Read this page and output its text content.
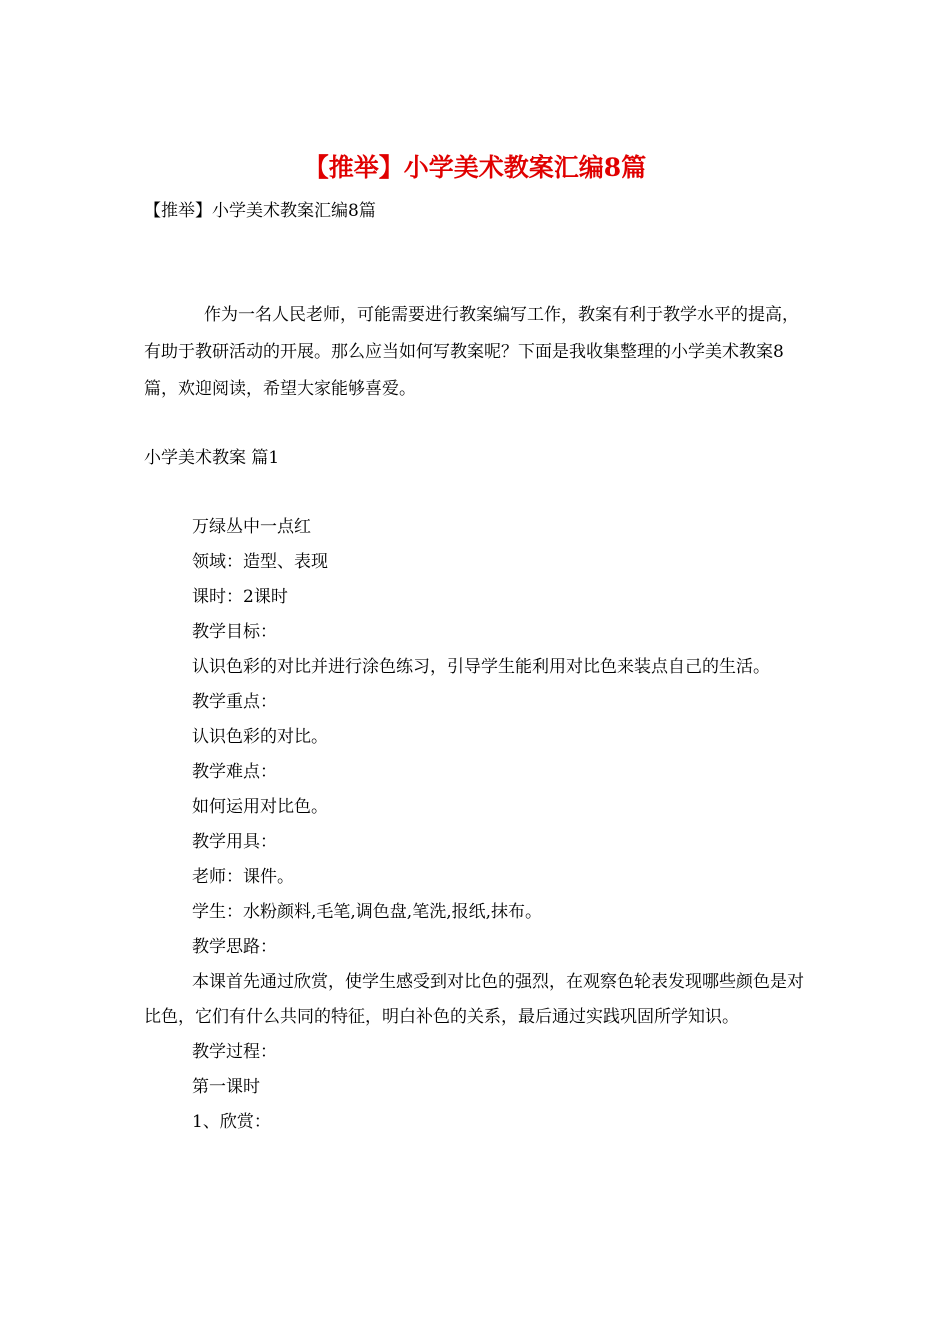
【推举】小学美术教案汇编8篇
【推举】小学美术教案汇编8篇

作为一名人民老师，可能需要进行教案编写工作，教案有利于教学水平的提高，有助于教研活动的开展。那么应当如何写教案呢？下面是我收集整理的小学美术教案8篇，欢迎阅读，希望大家能够喜爱。

小学美术教案 篇1

万绿丛中一点红

领域：造型、表现

课时：2课时

教学目标：

认识色彩的对比并进行涂色练习，引导学生能利用对比色来装点自己的生活。

教学重点：

认识色彩的对比。

教学难点：

如何运用对比色。

教学用具：

老师：课件。

学生：水粉颜料,毛笔,调色盘,笔洗,报纸,抹布。

教学思路：

本课首先通过欣赏，使学生感受到对比色的强烈，在观察色轮表发现哪些颜色是对比色，它们有什么共同的特征，明白补色的关系，最后通过实践巩固所学知识。

教学过程：

第一课时

1、欣赏：
